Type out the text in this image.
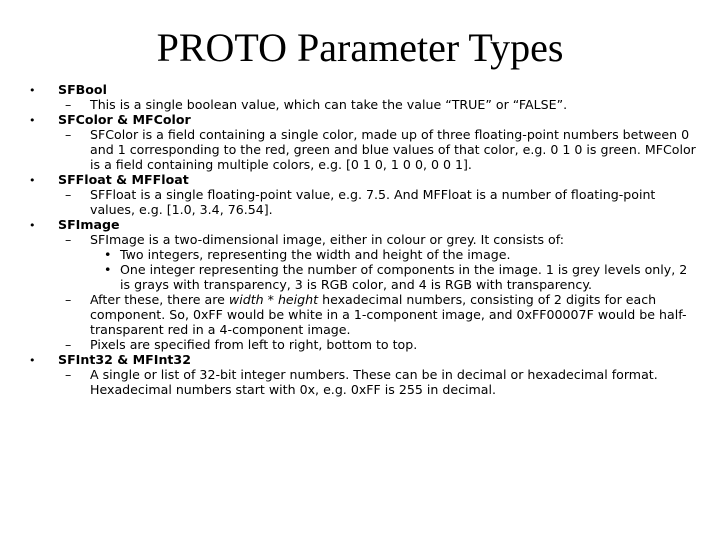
PROTO Parameter Types
• SFBool
– This is a single boolean value, which can take the value “TRUE” or “FALSE”.
• SFColor & MFColor
– SFColor is a field containing a single color, made up of three floating-point numbers between 0 and 1 corresponding to the red, green and blue values of that color, e.g. 0 1 0 is green. MFColor is a field containing multiple colors, e.g. [0 1 0, 1 0 0, 0 0 1].
• SFFloat & MFFloat
– SFFloat is a single floating-point value, e.g. 7.5. And MFFloat is a number of floating-point values, e.g. [1.0, 3.4, 76.54].
• SFImage
– SFImage is a two-dimensional image, either in colour or grey. It consists of:
• Two integers, representing the width and height of the image.
• One integer representing the number of components in the image. 1 is grey levels only, 2 is grays with transparency, 3 is RGB color, and 4 is RGB with transparency.
– After these, there are width * height hexadecimal numbers, consisting of 2 digits for each component. So, 0xFF would be white in a 1-component image, and 0xFF00007F would be half-transparent red in a 4-component image.
– Pixels are specified from left to right, bottom to top.
• SFInt32 & MFInt32
– A single or list of 32-bit integer numbers. These can be in decimal or hexadecimal format. Hexadecimal numbers start with 0x, e.g. 0xFF is 255 in decimal.
